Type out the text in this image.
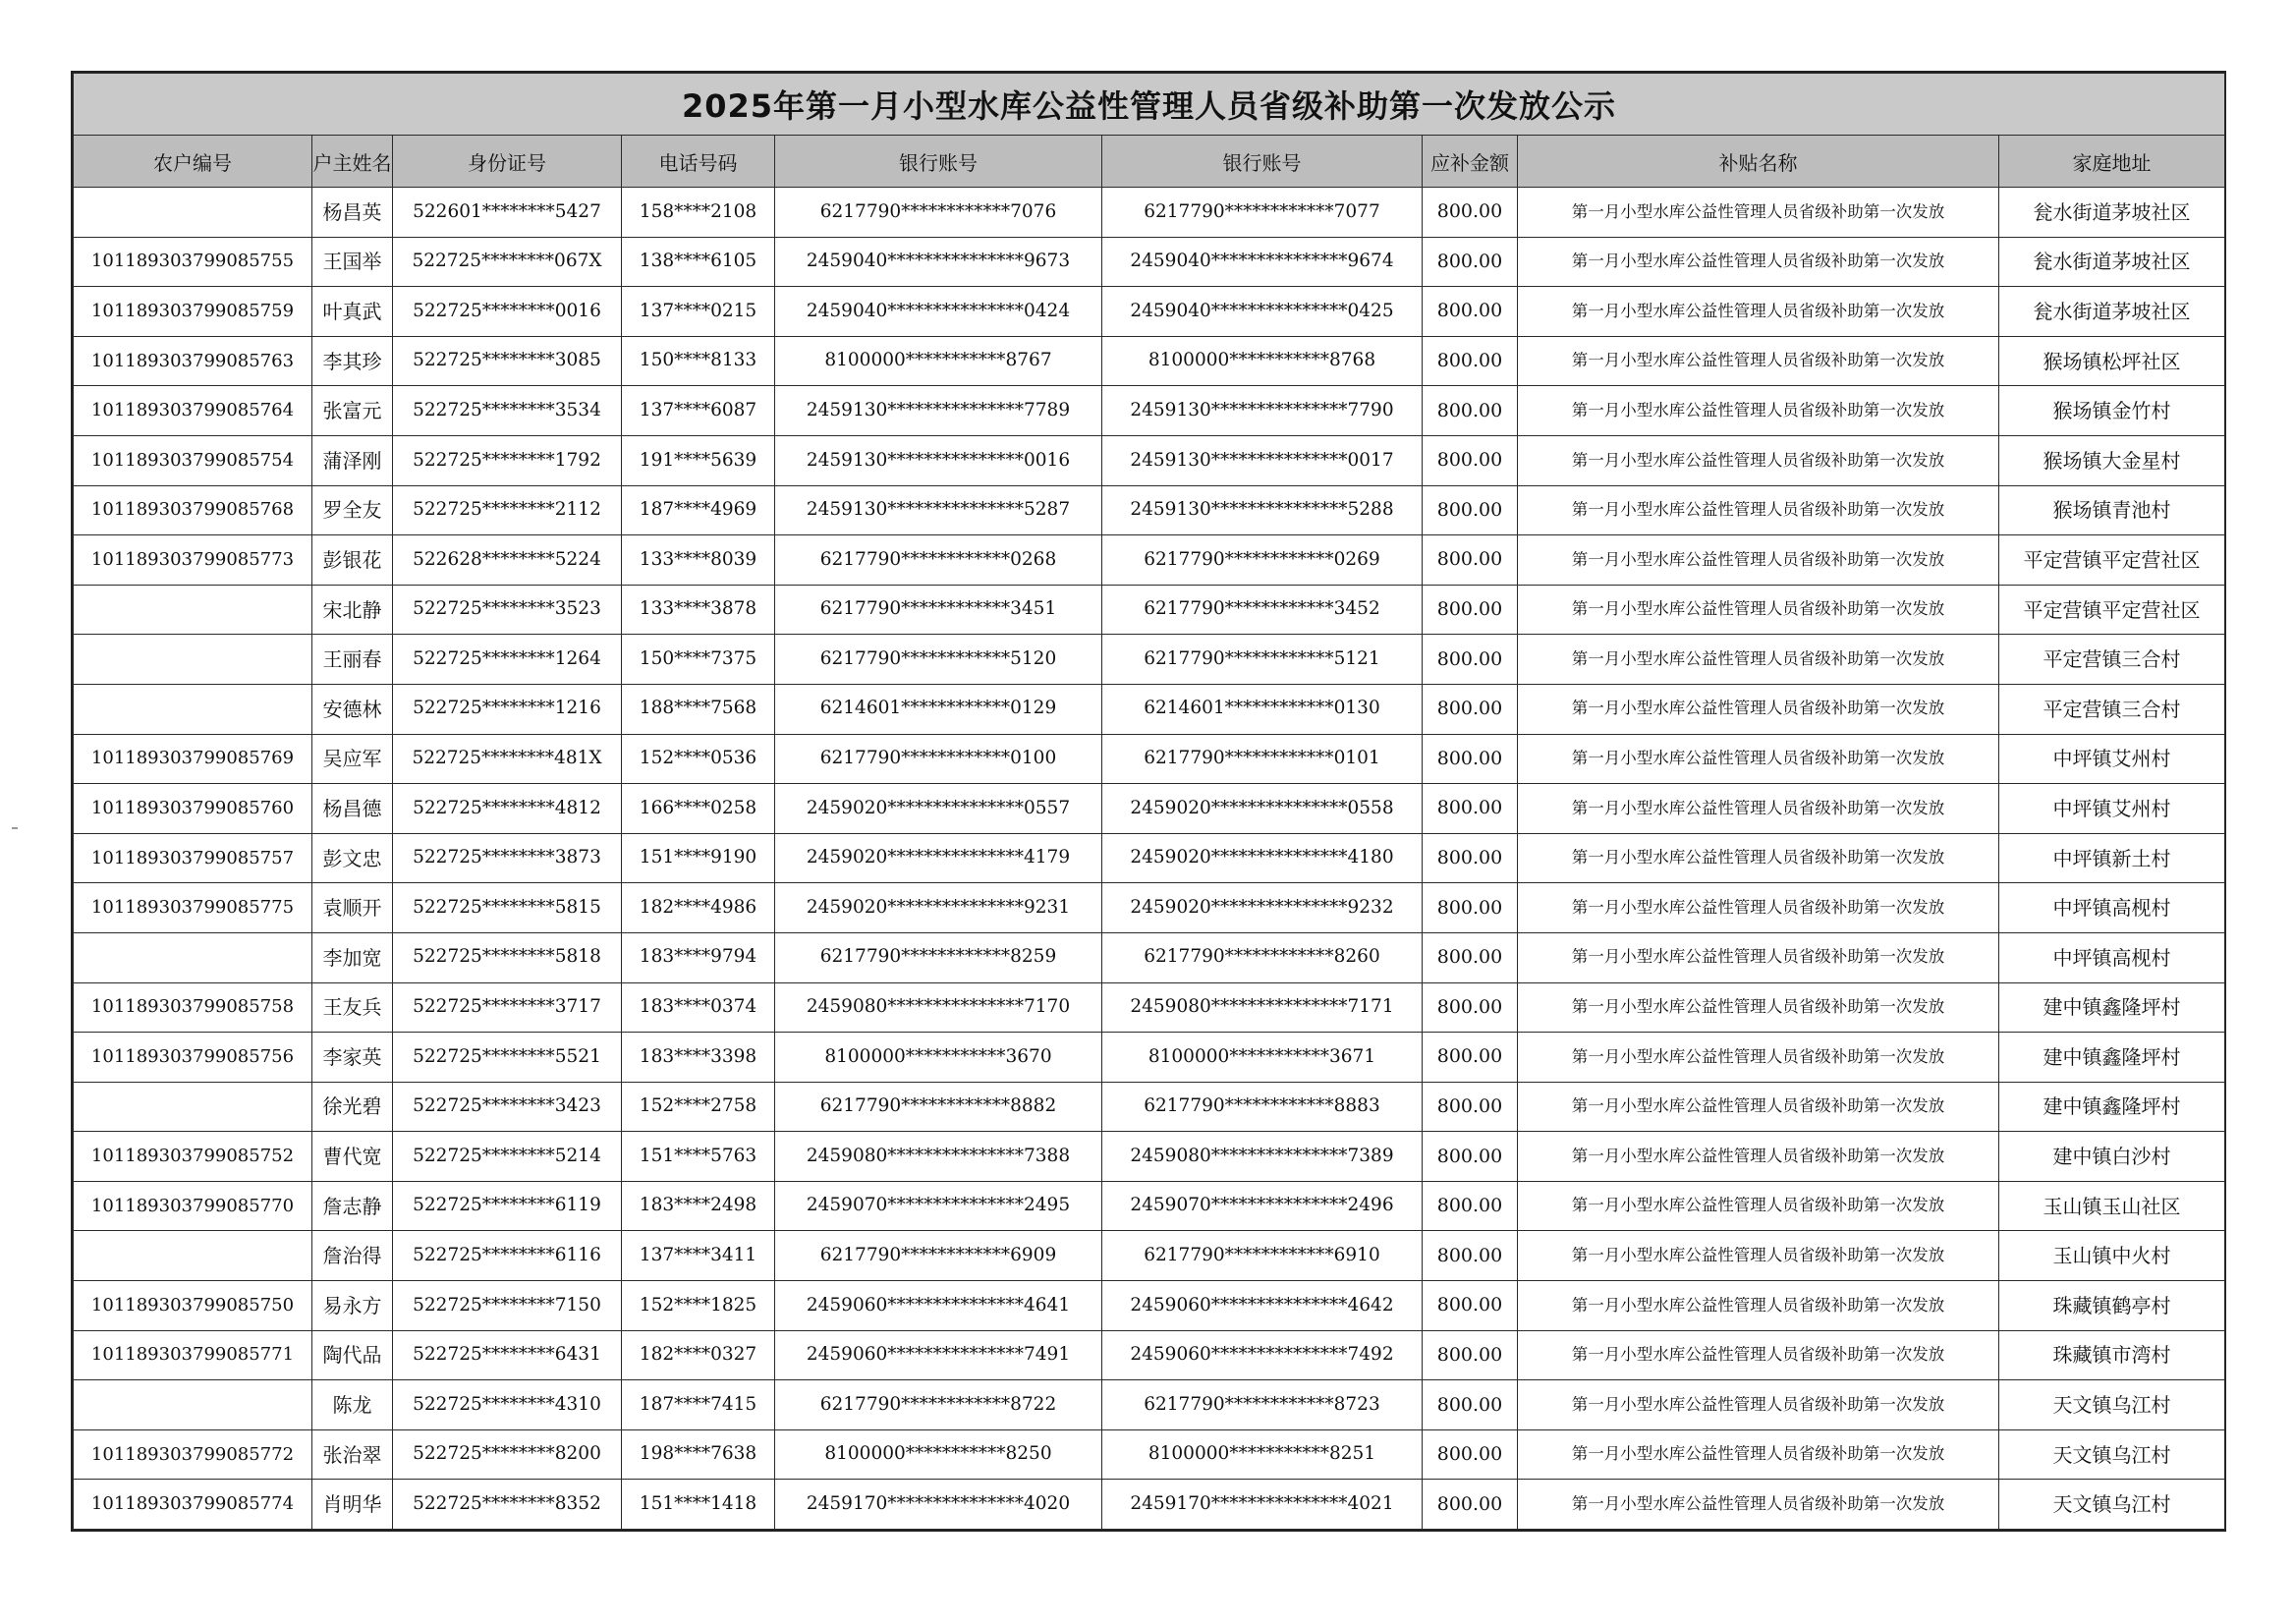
2025年第一月小型水库公益性管理人员省级补助第一次发放公示								
农户编号	户主姓名	身份证号	电话号码	银行账号	银行账号	应补金额	补贴名称	家庭地址
	杨昌英	522601********5427	158****2108	6217790************7076	6217790************7077	800.00	第一月小型水库公益性管理人员省级补助第一次发放	瓮水街道茅坡社区
101189303799085755	王国举	522725********067X	138****6105	2459040***************9673	2459040***************9674	800.00	第一月小型水库公益性管理人员省级补助第一次发放	瓮水街道茅坡社区
101189303799085759	叶真武	522725********0016	137****0215	2459040***************0424	2459040***************0425	800.00	第一月小型水库公益性管理人员省级补助第一次发放	瓮水街道茅坡社区
101189303799085763	李其珍	522725********3085	150****8133	8100000***********8767	8100000***********8768	800.00	第一月小型水库公益性管理人员省级补助第一次发放	猴场镇松坪社区
101189303799085764	张富元	522725********3534	137****6087	2459130***************7789	2459130***************7790	800.00	第一月小型水库公益性管理人员省级补助第一次发放	猴场镇金竹村
101189303799085754	蒲泽刚	522725********1792	191****5639	2459130***************0016	2459130***************0017	800.00	第一月小型水库公益性管理人员省级补助第一次发放	猴场镇大金星村
101189303799085768	罗全友	522725********2112	187****4969	2459130***************5287	2459130***************5288	800.00	第一月小型水库公益性管理人员省级补助第一次发放	猴场镇青池村
101189303799085773	彭银花	522628********5224	133****8039	6217790************0268	6217790************0269	800.00	第一月小型水库公益性管理人员省级补助第一次发放	平定营镇平定营社区
	宋北静	522725********3523	133****3878	6217790************3451	6217790************3452	800.00	第一月小型水库公益性管理人员省级补助第一次发放	平定营镇平定营社区
	王丽春	522725********1264	150****7375	6217790************5120	6217790************5121	800.00	第一月小型水库公益性管理人员省级补助第一次发放	平定营镇三合村
	安德林	522725********1216	188****7568	6214601************0129	6214601************0130	800.00	第一月小型水库公益性管理人员省级补助第一次发放	平定营镇三合村
101189303799085769	吴应军	522725********481X	152****0536	6217790************0100	6217790************0101	800.00	第一月小型水库公益性管理人员省级补助第一次发放	中坪镇艾州村
101189303799085760	杨昌德	522725********4812	166****0258	2459020***************0557	2459020***************0558	800.00	第一月小型水库公益性管理人员省级补助第一次发放	中坪镇艾州村
101189303799085757	彭文忠	522725********3873	151****9190	2459020***************4179	2459020***************4180	800.00	第一月小型水库公益性管理人员省级补助第一次发放	中坪镇新土村
101189303799085775	袁顺开	522725********5815	182****4986	2459020***************9231	2459020***************9232	800.00	第一月小型水库公益性管理人员省级补助第一次发放	中坪镇高枧村
	李加宽	522725********5818	183****9794	6217790************8259	6217790************8260	800.00	第一月小型水库公益性管理人员省级补助第一次发放	中坪镇高枧村
101189303799085758	王友兵	522725********3717	183****0374	2459080***************7170	2459080***************7171	800.00	第一月小型水库公益性管理人员省级补助第一次发放	建中镇鑫隆坪村
101189303799085756	李家英	522725********5521	183****3398	8100000***********3670	8100000***********3671	800.00	第一月小型水库公益性管理人员省级补助第一次发放	建中镇鑫隆坪村
	徐光碧	522725********3423	152****2758	6217790************8882	6217790************8883	800.00	第一月小型水库公益性管理人员省级补助第一次发放	建中镇鑫隆坪村
101189303799085752	曹代宽	522725********5214	151****5763	2459080***************7388	2459080***************7389	800.00	第一月小型水库公益性管理人员省级补助第一次发放	建中镇白沙村
101189303799085770	詹志静	522725********6119	183****2498	2459070***************2495	2459070***************2496	800.00	第一月小型水库公益性管理人员省级补助第一次发放	玉山镇玉山社区
	詹治得	522725********6116	137****3411	6217790************6909	6217790************6910	800.00	第一月小型水库公益性管理人员省级补助第一次发放	玉山镇中火村
101189303799085750	易永方	522725********7150	152****1825	2459060***************4641	2459060***************4642	800.00	第一月小型水库公益性管理人员省级补助第一次发放	珠藏镇鹤亭村
101189303799085771	陶代品	522725********6431	182****0327	2459060***************7491	2459060***************7492	800.00	第一月小型水库公益性管理人员省级补助第一次发放	珠藏镇市湾村
	陈龙	522725********4310	187****7415	6217790************8722	6217790************8723	800.00	第一月小型水库公益性管理人员省级补助第一次发放	天文镇乌江村
101189303799085772	张治翠	522725********8200	198****7638	8100000***********8250	8100000***********8251	800.00	第一月小型水库公益性管理人员省级补助第一次发放	天文镇乌江村
101189303799085774	肖明华	522725********8352	151****1418	2459170***************4020	2459170***************4021	800.00	第一月小型水库公益性管理人员省级补助第一次发放	天文镇乌江村
